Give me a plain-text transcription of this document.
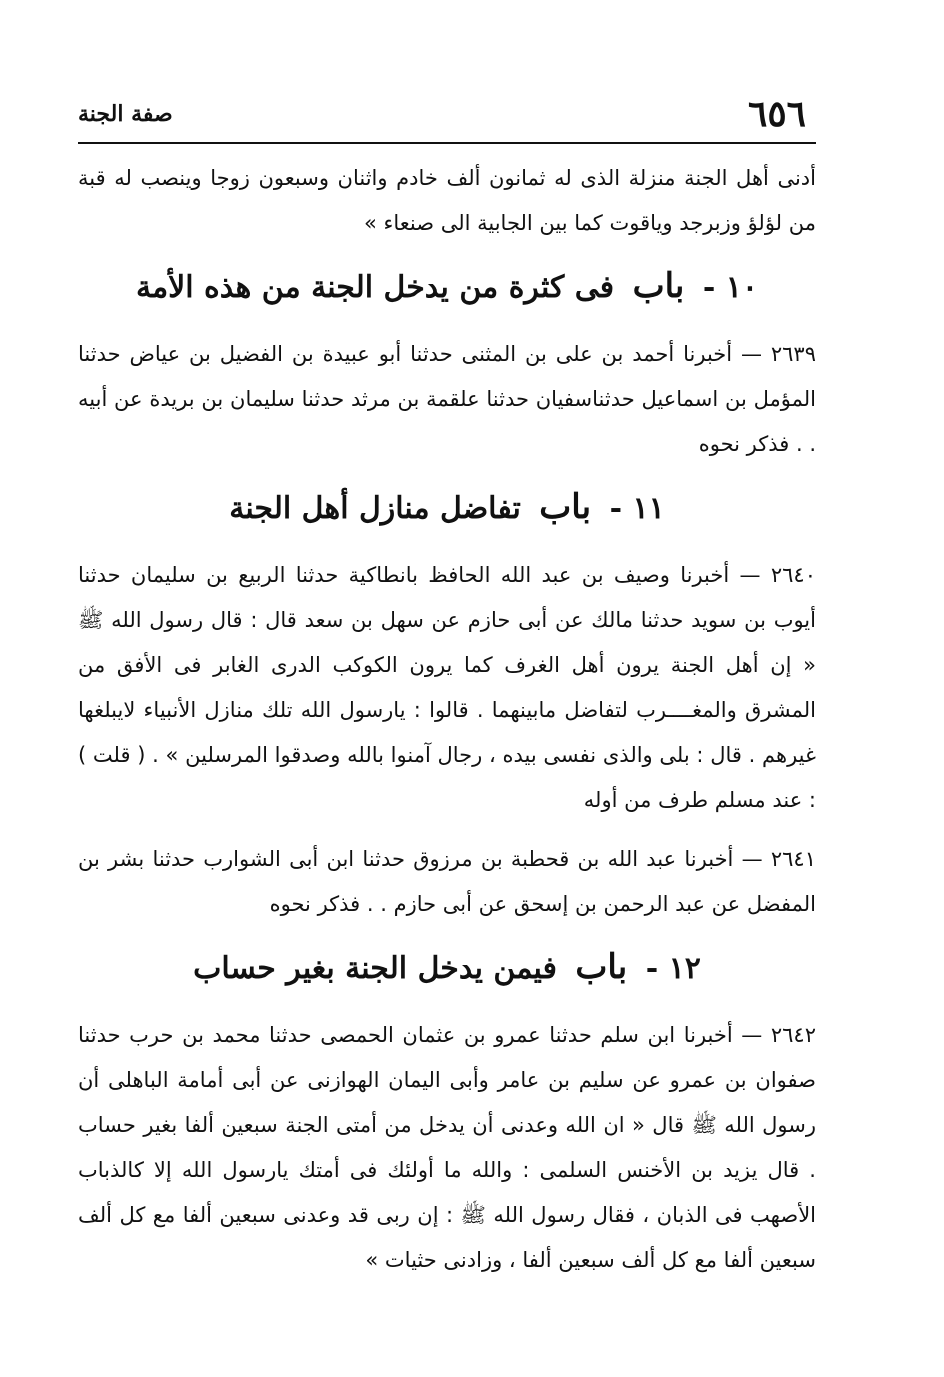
٦٥٦
صفة الجنة

أدنى أهل الجنة منزلة الذى له ثمانون ألف خادم واثنان وسبعون زوجا وينصب له قبة من لؤلؤ وزبرجد وياقوت كما بين الجابية الى صنعاء »

١٠ - باب فى كثرة من يدخل الجنة من هذه الأمة

٢٦٣٩ — أخبرنا أحمد بن على بن المثنى حدثنا أبو عبيدة بن الفضيل بن عياض حدثنا المؤمل بن اسماعيل حدثناسفيان حدثنا علقمة بن مرثد حدثنا سليمان بن بريدة عن أبيه . . فذكر نحوه

١١ - باب تفاضل منازل أهل الجنة

٢٦٤٠ — أخبرنا وصيف بن عبد الله الحافظ بانطاكية حدثنا الربيع بن سليمان حدثنا أيوب بن سويد حدثنا مالك عن أبى حازم عن سهل بن سعد قال : قال رسول الله ﷺ « إن أهل الجنة يرون أهل الغرف كما يرون الكوكب الدرى الغابر فى الأفق من المشرق والمغــــرب لتفاضل مابينهما . قالوا : يارسول الله تلك منازل الأنبياء لايبلغها غيرهم . قال : بلى والذى نفسى بيده ، رجال آمنوا بالله وصدقوا المرسلين » . ( قلت ) : عند مسلم طرف من أوله

٢٦٤١ — أخبرنا عبد الله بن قحطبة بن مرزوق حدثنا ابن أبى الشوارب حدثنا بشر بن المفضل عن عبد الرحمن بن إسحق عن أبى حازم . . فذكر نحوه

١٢ - باب فيمن يدخل الجنة بغير حساب

٢٦٤٢ — أخبرنا ابن سلم حدثنا عمرو بن عثمان الحمصى حدثنا محمد بن حرب حدثنا صفوان بن عمرو عن سليم بن عامر وأبى اليمان الهوازنى عن أبى أمامة الباهلى أن رسول الله ﷺ قال « ان الله وعدنى أن يدخل من أمتى الجنة سبعين ألفا بغير حساب . قال يزيد بن الأخنس السلمى : والله ما أولئك فى أمتك يارسول الله إلا كالذباب الأصهب فى الذبان ، فقال رسول الله ﷺ : إن ربى قد وعدنى سبعين ألفا مع كل ألف سبعين ألفا مع كل ألف سبعين ألفا ، وزادنى حثيات »
